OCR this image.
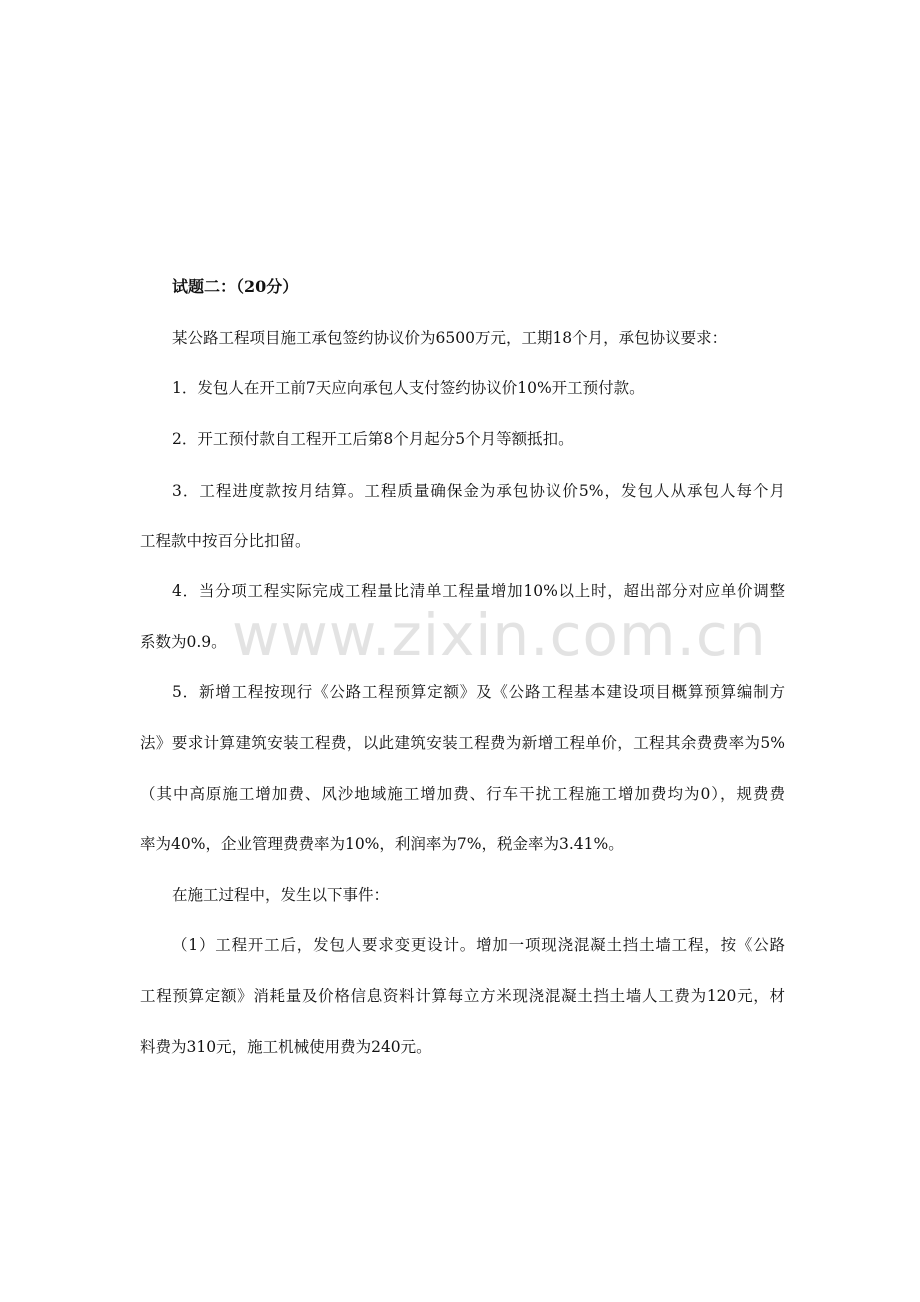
www.zixin.com.cn
试题二：（20分）
某公路工程项目施工承包签约协议价为6500万元，工期18个月，承包协议要求：
1．发包人在开工前7天应向承包人支付签约协议价10%开工预付款。
2．开工预付款自工程开工后第8个月起分5个月等额抵扣。
3．工程进度款按月结算。工程质量确保金为承包协议价5%，发包人从承包人每个月
工程款中按百分比扣留。
4．当分项工程实际完成工程量比清单工程量增加10%以上时，超出部分对应单价调整
系数为0.9。
5．新增工程按现行《公路工程预算定额》及《公路工程基本建设项目概算预算编制方
法》要求计算建筑安装工程费，以此建筑安装工程费为新增工程单价，工程其余费费率为5%
（其中高原施工增加费、风沙地域施工增加费、行车干扰工程施工增加费均为0），规费费
率为40%，企业管理费费率为10%，利润率为7%，税金率为3.41%。
在施工过程中，发生以下事件：
（1）工程开工后，发包人要求变更设计。增加一项现浇混凝土挡土墙工程，按《公路
工程预算定额》消耗量及价格信息资料计算每立方米现浇混凝土挡土墙人工费为120元，材
料费为310元，施工机械使用费为240元。
